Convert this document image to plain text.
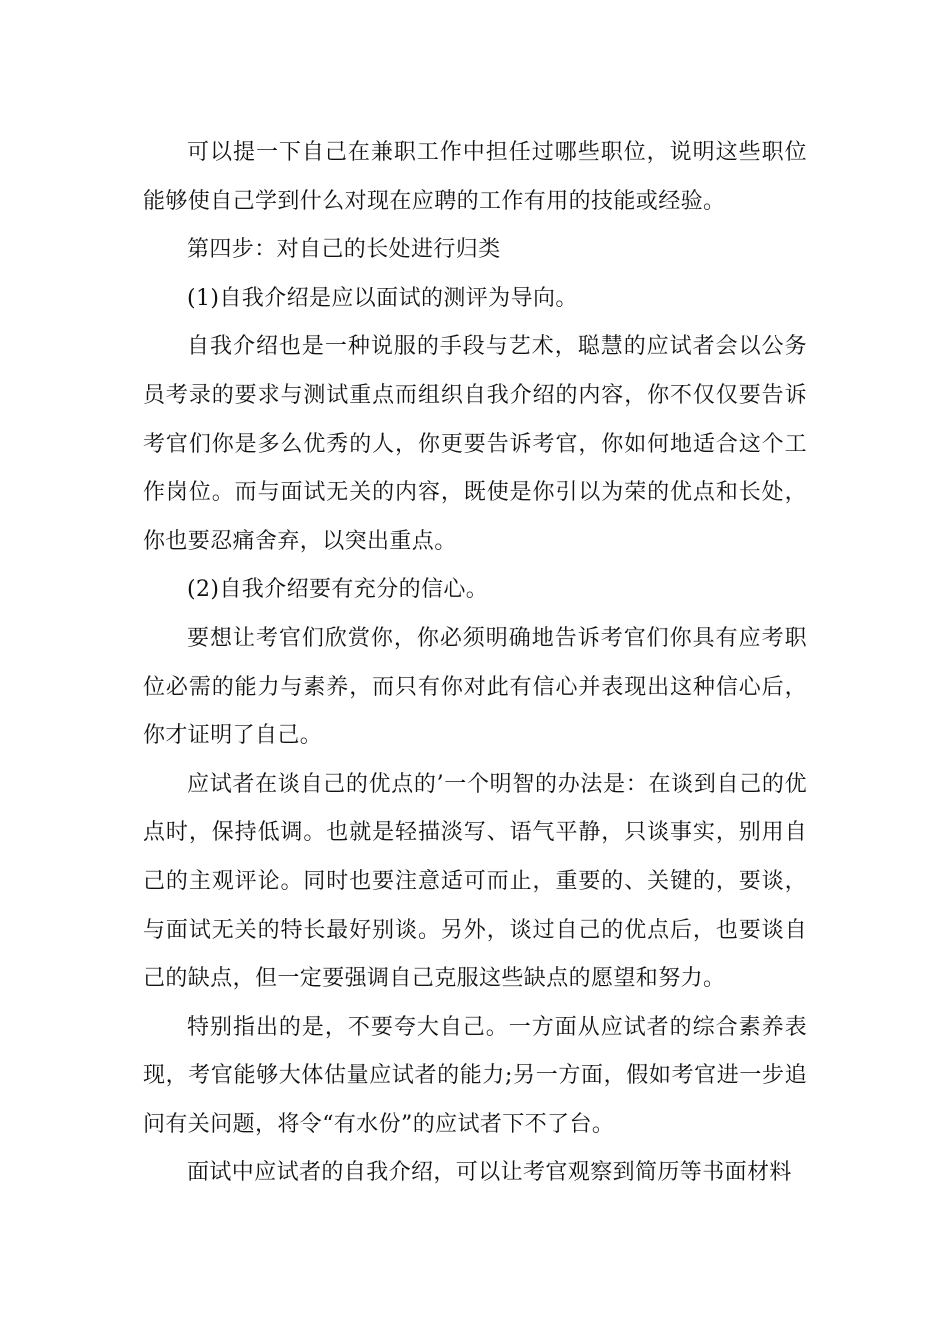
可以提一下自己在兼职工作中担任过哪些职位，说明这些职位能够使自己学到什么对现在应聘的工作有用的技能或经验。

第四步：对自己的长处进行归类

(1)自我介绍是应以面试的测评为导向。

自我介绍也是一种说服的手段与艺术，聪慧的应试者会以公务员考录的要求与测试重点而组织自我介绍的内容，你不仅仅要告诉考官们你是多么优秀的人，你更要告诉考官，你如何地适合这个工作岗位。而与面试无关的内容，既使是你引以为荣的优点和长处，你也要忍痛舍弃，以突出重点。

(2)自我介绍要有充分的信心。

要想让考官们欣赏你，你必须明确地告诉考官们你具有应考职位必需的能力与素养，而只有你对此有信心并表现出这种信心后，你才证明了自己。

应试者在谈自己的优点的’一个明智的办法是：在谈到自己的优点时，保持低调。也就是轻描淡写、语气平静，只谈事实，别用自己的主观评论。同时也要注意适可而止，重要的、关键的，要谈，与面试无关的特长最好别谈。另外，谈过自己的优点后，也要谈自己的缺点，但一定要强调自己克服这些缺点的愿望和努力。

特别指出的是，不要夸大自己。一方面从应试者的综合素养表现，考官能够大体估量应试者的能力;另一方面，假如考官进一步追问有关问题，将令“有水份”的应试者下不了台。

面试中应试者的自我介绍，可以让考官观察到简历等书面材料
